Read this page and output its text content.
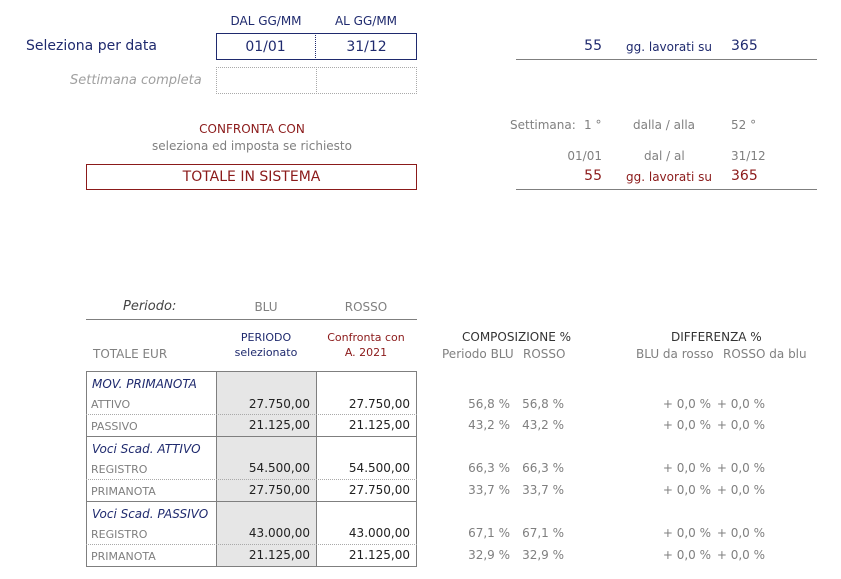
DAL GG/MM	AL GG/MM
Seleziona per data	01/01	31/12
Settimana completa
55 gg. lavorati su 365
CONFRONTA CON
seleziona ed imposta se richiesto
TOTALE IN SISTEMA
Settimana: 1 °	dalla / alla	52 °
01/01	dal / al	31/12
55 gg. lavorati su 365
Periodo:	BLU	ROSSO
TOTALE EUR
PERIODO
selezionato
Confronta con
A. 2021
COMPOSIZIONE %
Periodo BLU ROSSO
DIFFERENZA %
BLU da rosso ROSSO da blu
MOV. PRIMANOTA
ATTIVO	27.750,00	27.750,00	56,8 %	56,8 %	+ 0,0 % + 0,0 %
PASSIVO	21.125,00	21.125,00	43,2 %	43,2 %	+ 0,0 % + 0,0 %
Voci Scad. ATTIVO
REGISTRO	54.500,00	54.500,00	66,3 %	66,3 %	+ 0,0 % + 0,0 %
PRIMANOTA	27.750,00	27.750,00	33,7 %	33,7 %	+ 0,0 % + 0,0 %
Voci Scad. PASSIVO
REGISTRO	43.000,00	43.000,00	67,1 %	67,1 %	+ 0,0 % + 0,0 %
PRIMANOTA	21.125,00	21.125,00	32,9 %	32,9 %	+ 0,0 % + 0,0 %
